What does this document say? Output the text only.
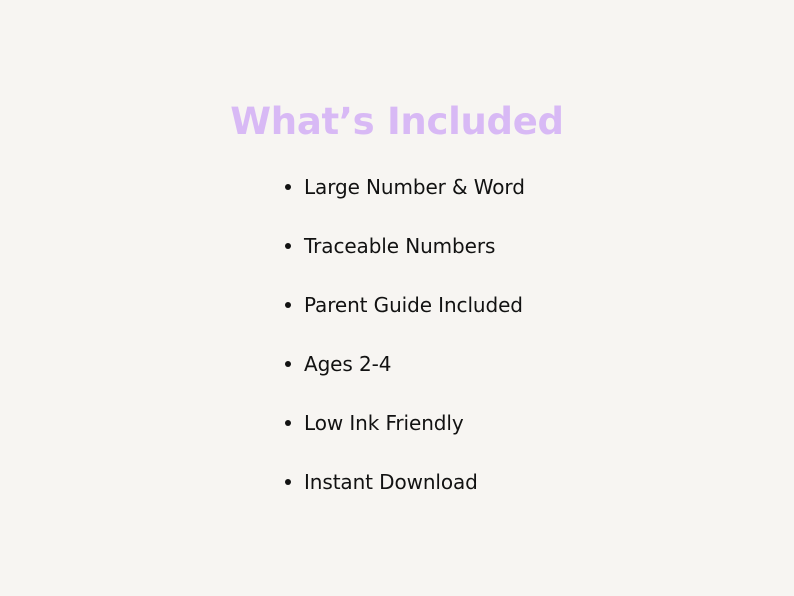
What’s Included
Large Number & Word
Traceable Numbers
Parent Guide Included
Ages 2-4
Low Ink Friendly
Instant Download
